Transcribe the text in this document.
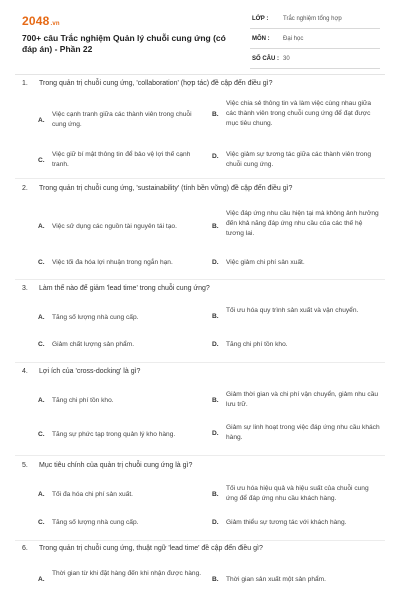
2048.vn
700+ câu Trắc nghiệm Quản lý chuỗi cung ứng (có đáp án) - Phần 22
LỚP : Trắc nghiệm tổng hợp
MÔN : Đại học
SỐ CÂU : 30
1. Trong quản trị chuỗi cung ứng, 'collaboration' (hợp tác) đề cập đến điều gì?
A.
Việc cạnh tranh giữa các thành viên trong chuỗi cung ứng.
B.
Việc chia sẻ thông tin và làm việc cùng nhau giữa các thành viên trong chuỗi cung ứng để đạt được mục tiêu chung.
C.
Việc giữ bí mật thông tin để bảo vệ lợi thế cạnh tranh.
D. Việc giảm sự tương tác giữa các thành viên trong chuỗi cung ứng.
2. Trong quản trị chuỗi cung ứng, 'sustainability' (tính bền vững) đề cập đến điều gì?
A. Việc sử dụng các nguồn tài nguyên tái tạo.	B.
Việc đáp ứng nhu cầu hiện tại mà không ảnh hưởng đến khả năng đáp ứng nhu cầu của các thế hệ tương lai.
C. Việc tối đa hóa lợi nhuận trong ngắn hạn.	D. Việc giảm chi phí sản xuất.
3. Làm thế nào để giảm 'lead time' trong chuỗi cung ứng?
A. Tăng số lượng nhà cung cấp.	B.
Tối ưu hóa quy trình sản xuất và vận chuyển.
C. Giảm chất lượng sản phẩm.	D. Tăng chi phí tồn kho.
4. Lợi ích của 'cross-docking' là gì?
A. Tăng chi phí tồn kho.	B.
Giảm thời gian và chi phí vận chuyển, giảm nhu cầu lưu trữ.
C. Tăng sự phức tạp trong quản lý kho hàng.	D.
Giảm sự linh hoạt trong việc đáp ứng nhu cầu khách hàng.
5. Mục tiêu chính của quản trị chuỗi cung ứng là gì?
A. Tối đa hóa chi phí sản xuất.	B.
Tối ưu hóa hiệu quả và hiệu suất của chuỗi cung ứng để đáp ứng nhu cầu khách hàng.
C. Tăng số lượng nhà cung cấp.	D. Giảm thiểu sự tương tác với khách hàng.
6. Trong quản trị chuỗi cung ứng, thuật ngữ 'lead time' đề cập đến điều gì?
A.
Thời gian từ khi đặt hàng đến khi nhận được hàng.
B. Thời gian sản xuất một sản phẩm.
